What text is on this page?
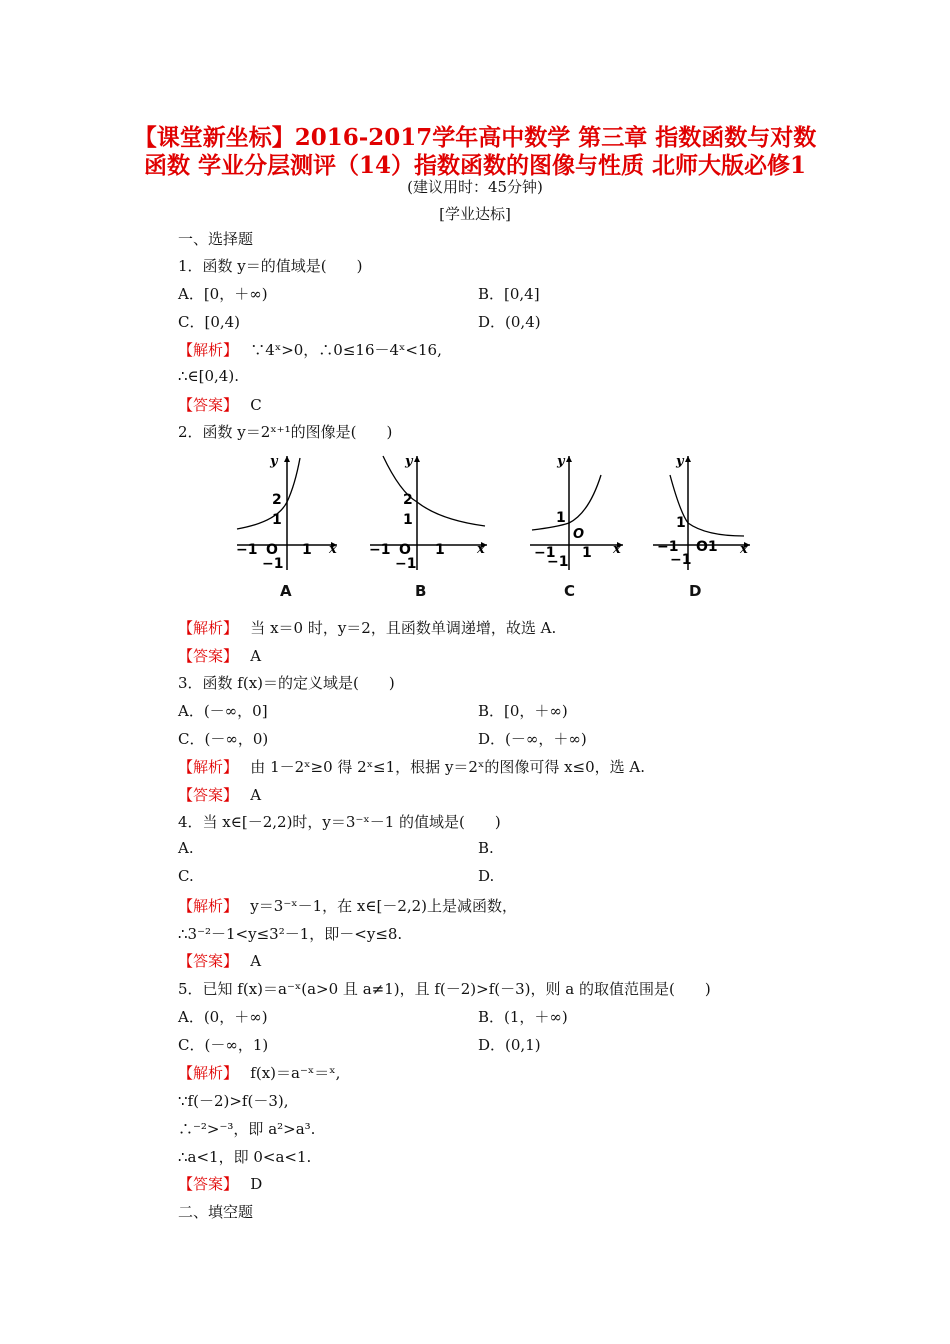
【课堂新坐标】2016-2017学年高中数学 第三章 指数函数与对数
函数 学业分层测评（14）指数函数的图像与性质 北师大版必修1
(建议用时：45分钟)
[学业达标]
一、选择题
1．函数 y＝的值域是(　　)
A．[0，＋∞)	B．[0,4]
C．[0,4)	D．(0,4)
【解析】　 ∵4ˣ>0，∴0≤16－4ˣ<16,
∴∈[0,4).
【答案】　 C
2．函数 y＝2ˣ⁺¹的图像是(　　)
y
x
2
1
−1 O 1
−1
A
y
x
2
1
−1 O 1
−1
B
y
x
1
O
−1 1
−1
C
y
x
1
−1 O1
−1
D
【解析】　 当 x＝0 时，y＝2，且函数单调递增，故选 A.
【答案】　 A
3．函数 f(x)＝的定义域是(　　)
A．(－∞，0]	B．[0，＋∞)
C．(－∞，0)	D．(－∞，＋∞)
【解析】　 由 1－2ˣ≥0 得 2ˣ≤1，根据 y＝2ˣ的图像可得 x≤0，选 A.
【答案】　 A
4．当 x∈[－2,2)时，y＝3⁻ˣ－1 的值域是(　　)
A.	B.
C.	D.
【解析】　 y＝3⁻ˣ－1，在 x∈[－2,2)上是减函数，
∴3⁻²－1<y≤3²－1，即－<y≤8.
【答案】　 A
5．已知 f(x)＝a⁻ˣ(a>0 且 a≠1)，且 f(－2)>f(－3)，则 a 的取值范围是(　　)
A．(0，＋∞)	B．(1，＋∞)
C．(－∞，1)	D．(0,1)
【解析】　 f(x)＝a⁻ˣ＝ˣ,
∵f(－2)>f(－3),
∴⁻²>⁻³，即 a²>a³.
∴a<1，即 0<a<1.
【答案】　 D
二、填空题
